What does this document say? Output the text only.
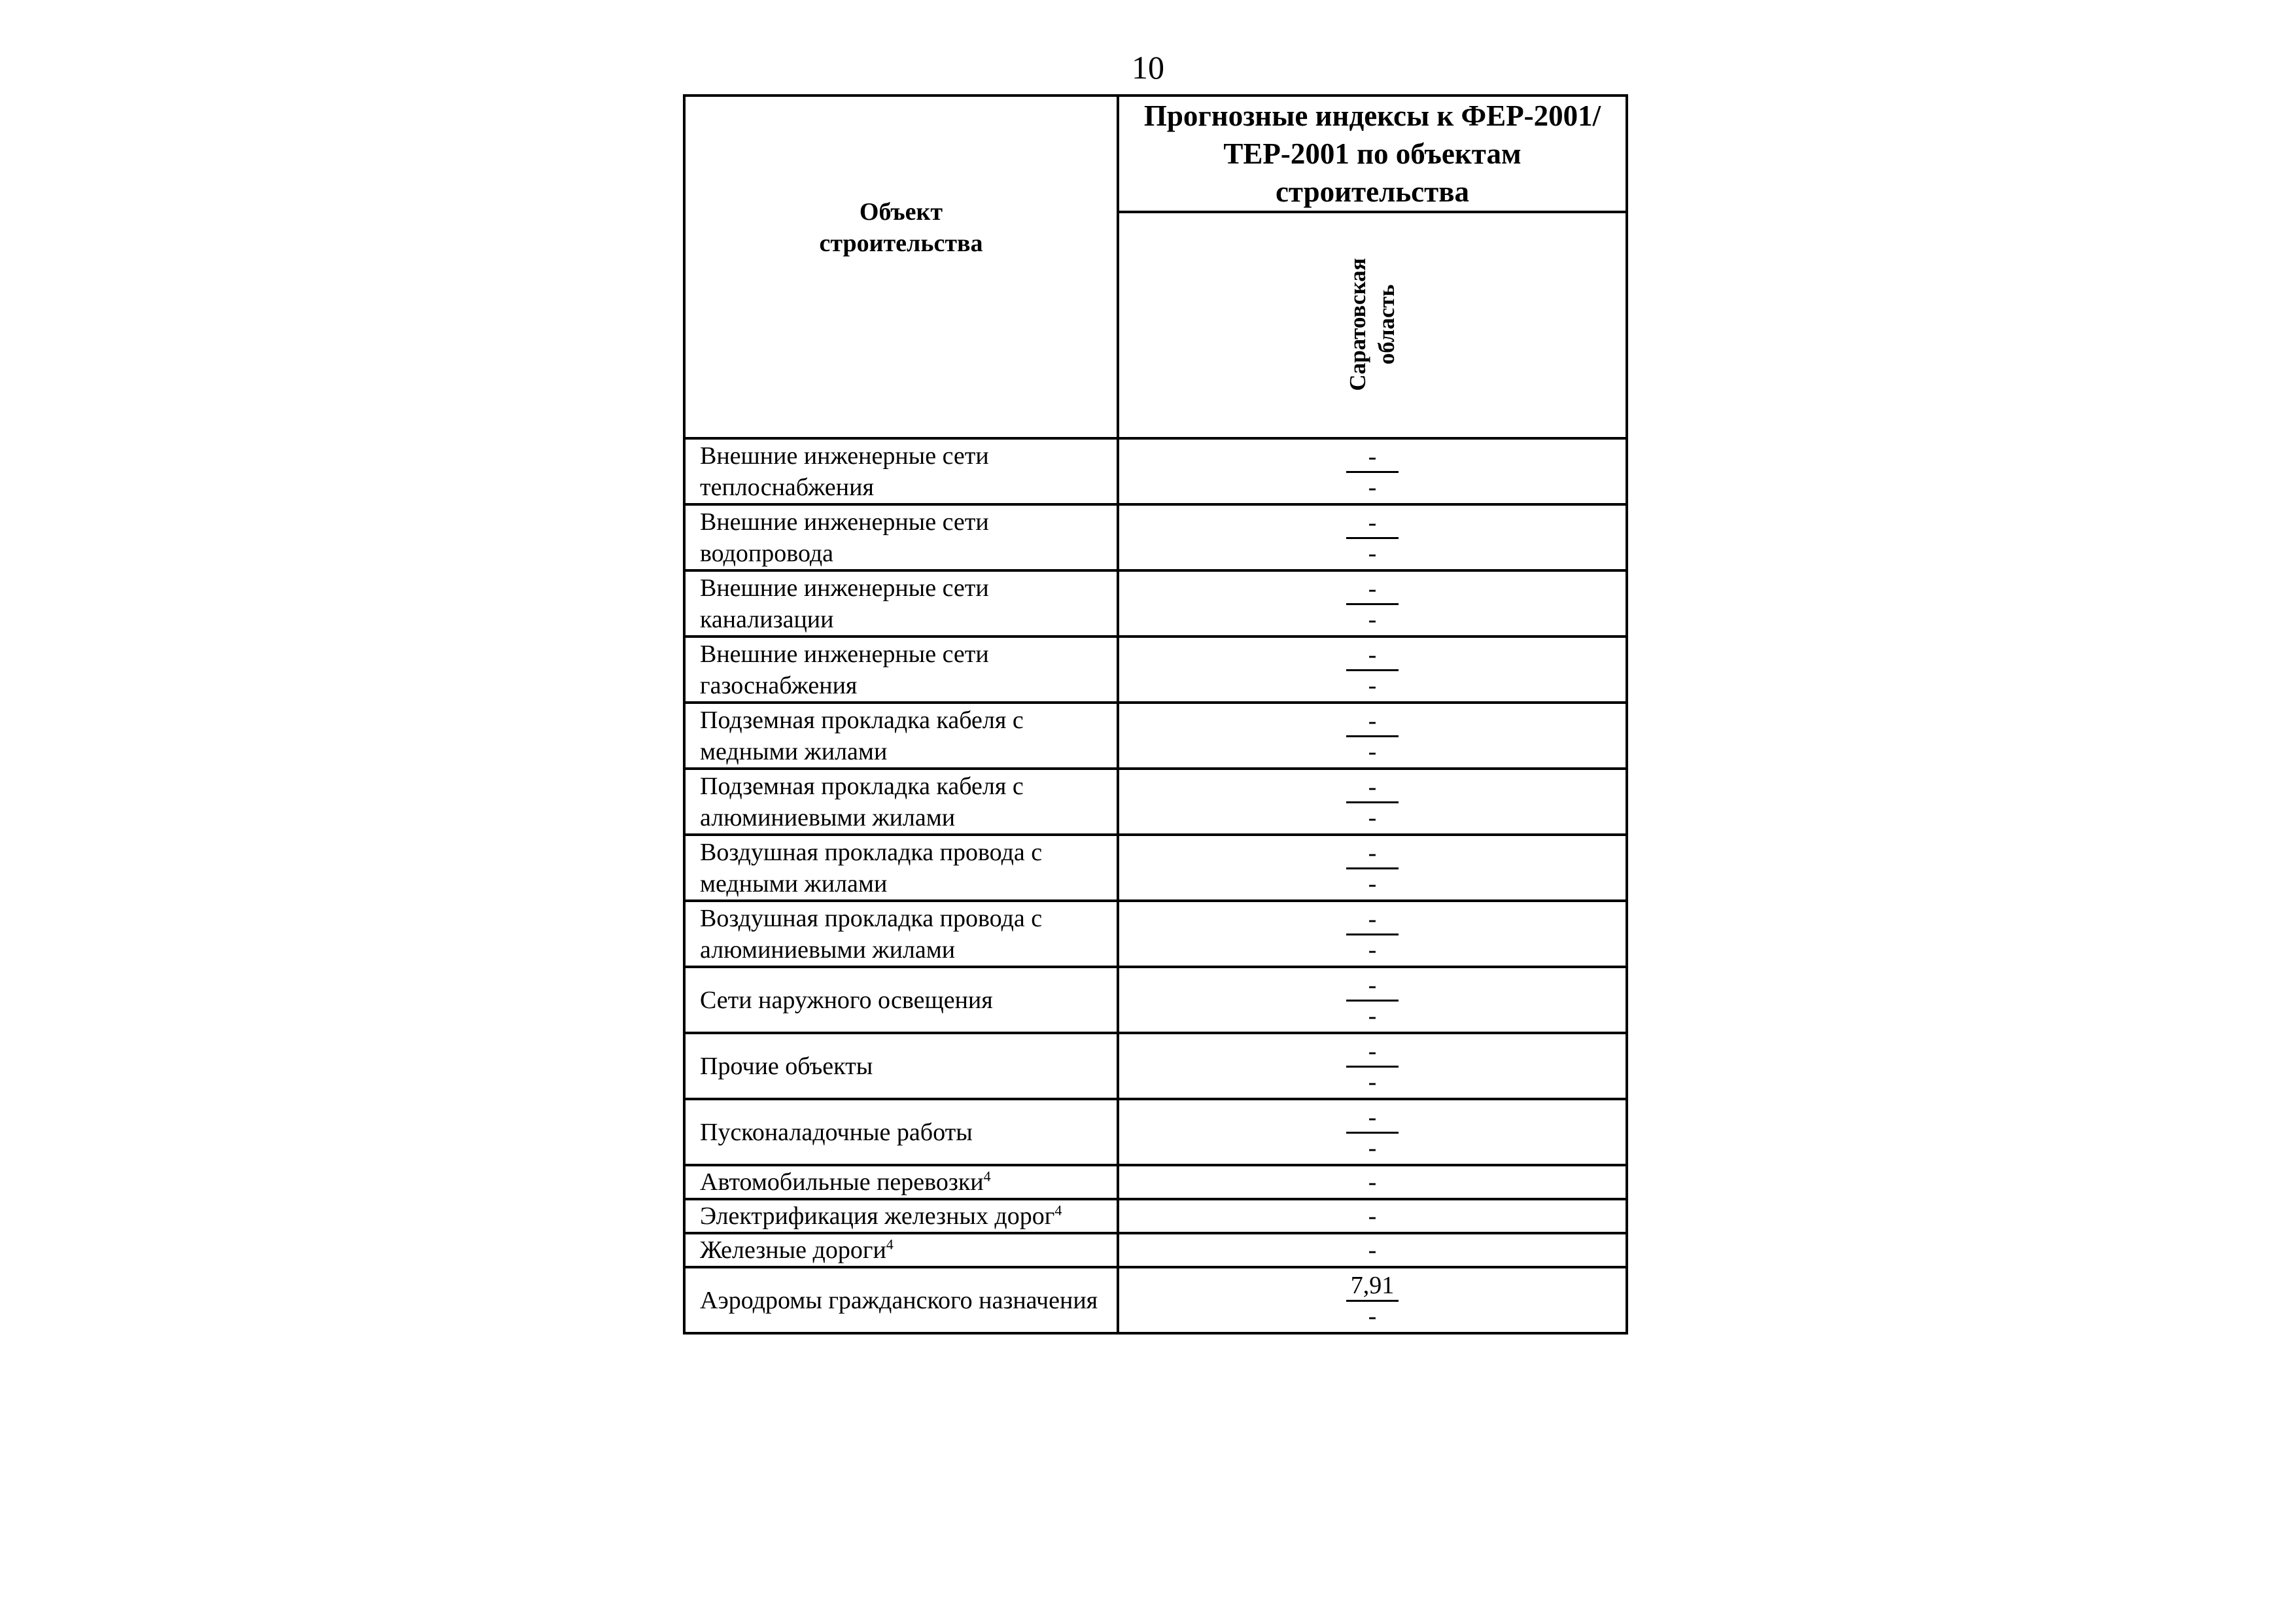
10
Объект строительства	Прогнозные индексы к ФЕР-2001/ТЕР-2001 по объектам строительства

	Саратовская область

Внешние инженерные сети теплоснабжения	-
-

Внешние инженерные сети водопровода	-
-

Внешние инженерные сети канализации	-
-

Внешние инженерные сети газоснабжения	-
-

Подземная прокладка кабеля с медными жилами	-
-

Подземная прокладка кабеля с алюминиевыми жилами	-
-

Воздушная прокладка провода с медными жилами	-
-

Воздушная прокладка провода с алюминиевыми жилами	-
-

Сети наружного освещения	-
-

Прочие объекты	-
-

Пусконаладочные работы	-
-

Автомобильные перевозки$^4$	-

Электрификация железных дорог$^4$	-

Железные дороги$^4$	-

Аэродромы гражданского назначения	7,91
-
